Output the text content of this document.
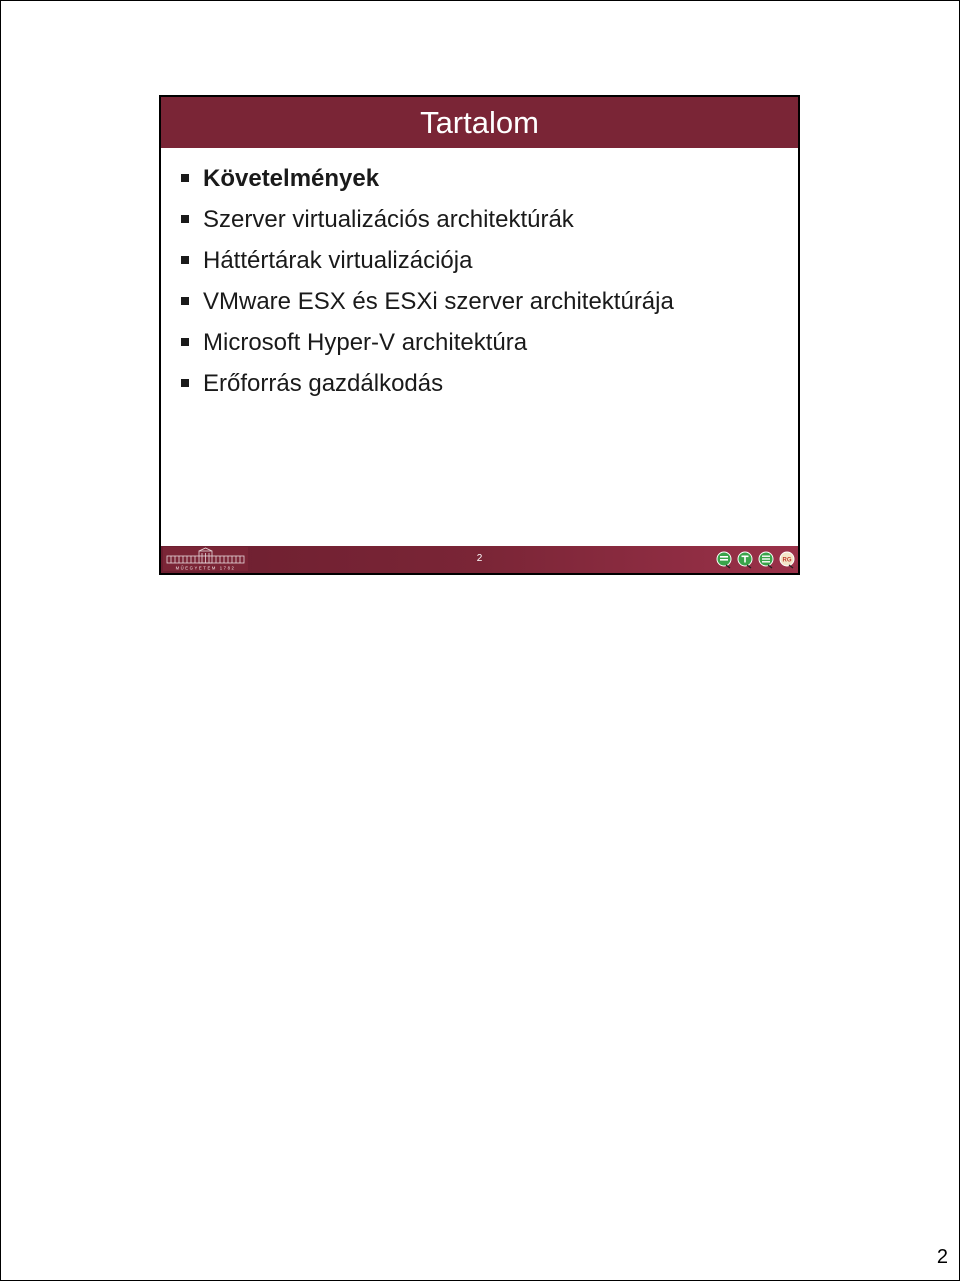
Tartalom
Követelmények
Szerver virtualizációs architektúrák
Háttértárak virtualizációja
VMware ESX és ESXi szerver architektúrája
Microsoft Hyper-V architektúra
Erőforrás gazdálkodás
MŰEGYETEM 1782
2	RG
2
